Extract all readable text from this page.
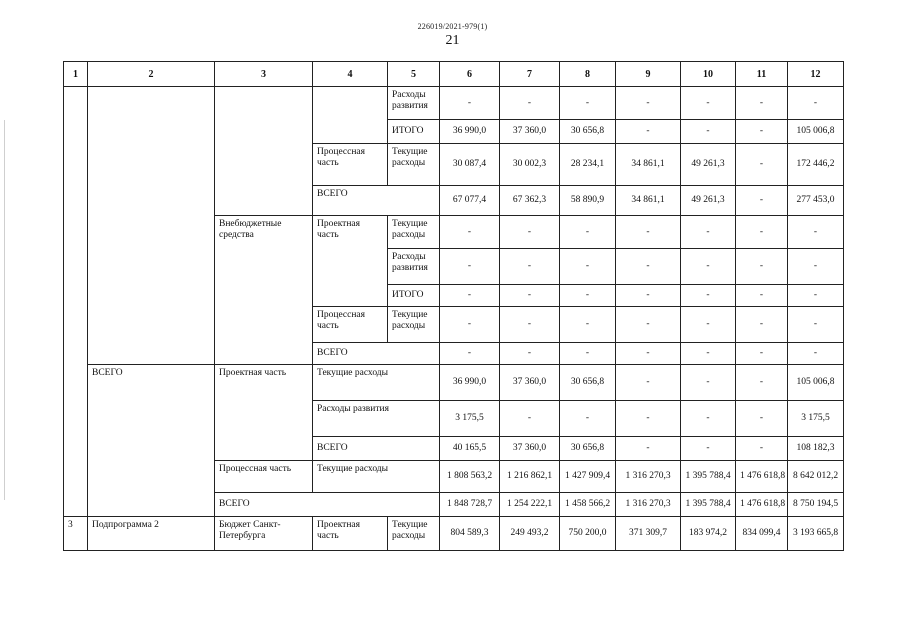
226019/2021-979(1)
21
1	2	3	4	5	6	7	8	9	10	11	12
				Расходы развития	-	-	-	-	-	-	-
				ИТОГО	36 990,0	37 360,0	30 656,8	-	-	-	105 006,8
			Процессная часть	Текущие расходы	30 087,4	30 002,3	28 234,1	34 861,1	49 261,3	-	172 446,2
			ВСЕГО		67 077,4	67 362,3	58 890,9	34 861,1	49 261,3	-	277 453,0
		Внебюджетные средства	Проектная часть	Текущие расходы	-	-	-	-	-	-	-
				Расходы развития	-	-	-	-	-	-	-
				ИТОГО	-	-	-	-	-	-	-
			Процессная часть	Текущие расходы	-	-	-	-	-	-	-
			ВСЕГО		-	-	-	-	-	-	-
	ВСЕГО	Проектная часть	Текущие расходы		36 990,0	37 360,0	30 656,8	-	-	-	105 006,8
			Расходы развития		3 175,5	-	-	-	-	-	3 175,5
			ВСЕГО		40 165,5	37 360,0	30 656,8	-	-	-	108 182,3
		Процессная часть	Текущие расходы		1 808 563,2	1 216 862,1	1 427 909,4	1 316 270,3	1 395 788,4	1 476 618,8	8 642 012,2
		ВСЕГО			1 848 728,7	1 254 222,1	1 458 566,2	1 316 270,3	1 395 788,4	1 476 618,8	8 750 194,5
3	Подпрограмма 2	Бюджет Санкт-Петербурга	Проектная часть	Текущие расходы	804 589,3	249 493,2	750 200,0	371 309,7	183 974,2	834 099,4	3 193 665,8
